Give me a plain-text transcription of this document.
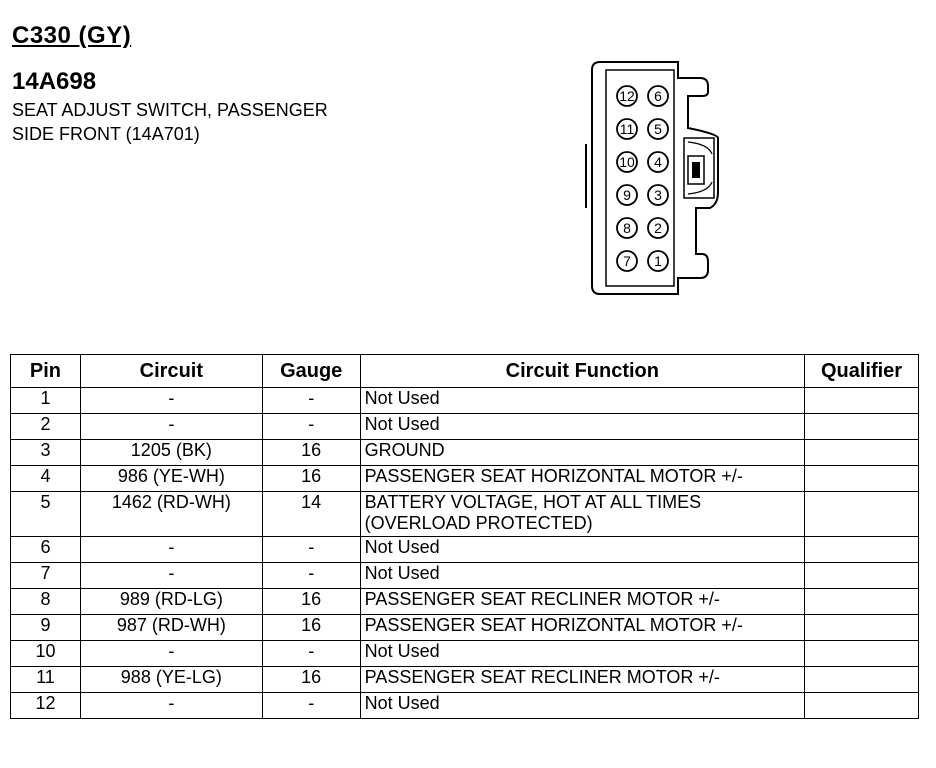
C330 (GY)
14A698
SEAT ADJUST SWITCH, PASSENGER
SIDE FRONT (14A701)
12
11
10
9
8
7
6
5
4
3
2
1
Pin	Circuit	Gauge	Circuit Function	Qualifier
1	-	-	Not Used	
2	-	-	Not Used	
3	1205 (BK)	16	GROUND	
4	986 (YE-WH)	16	PASSENGER SEAT HORIZONTAL MOTOR +/-	
5	1462 (RD-WH)	14	BATTERY VOLTAGE, HOT AT ALL TIMES (OVERLOAD PROTECTED)	
6	-	-	Not Used	
7	-	-	Not Used	
8	989 (RD-LG)	16	PASSENGER SEAT RECLINER MOTOR +/-	
9	987 (RD-WH)	16	PASSENGER SEAT HORIZONTAL MOTOR +/-	
10	-	-	Not Used	
11	988 (YE-LG)	16	PASSENGER SEAT RECLINER MOTOR +/-	
12	-	-	Not Used	
